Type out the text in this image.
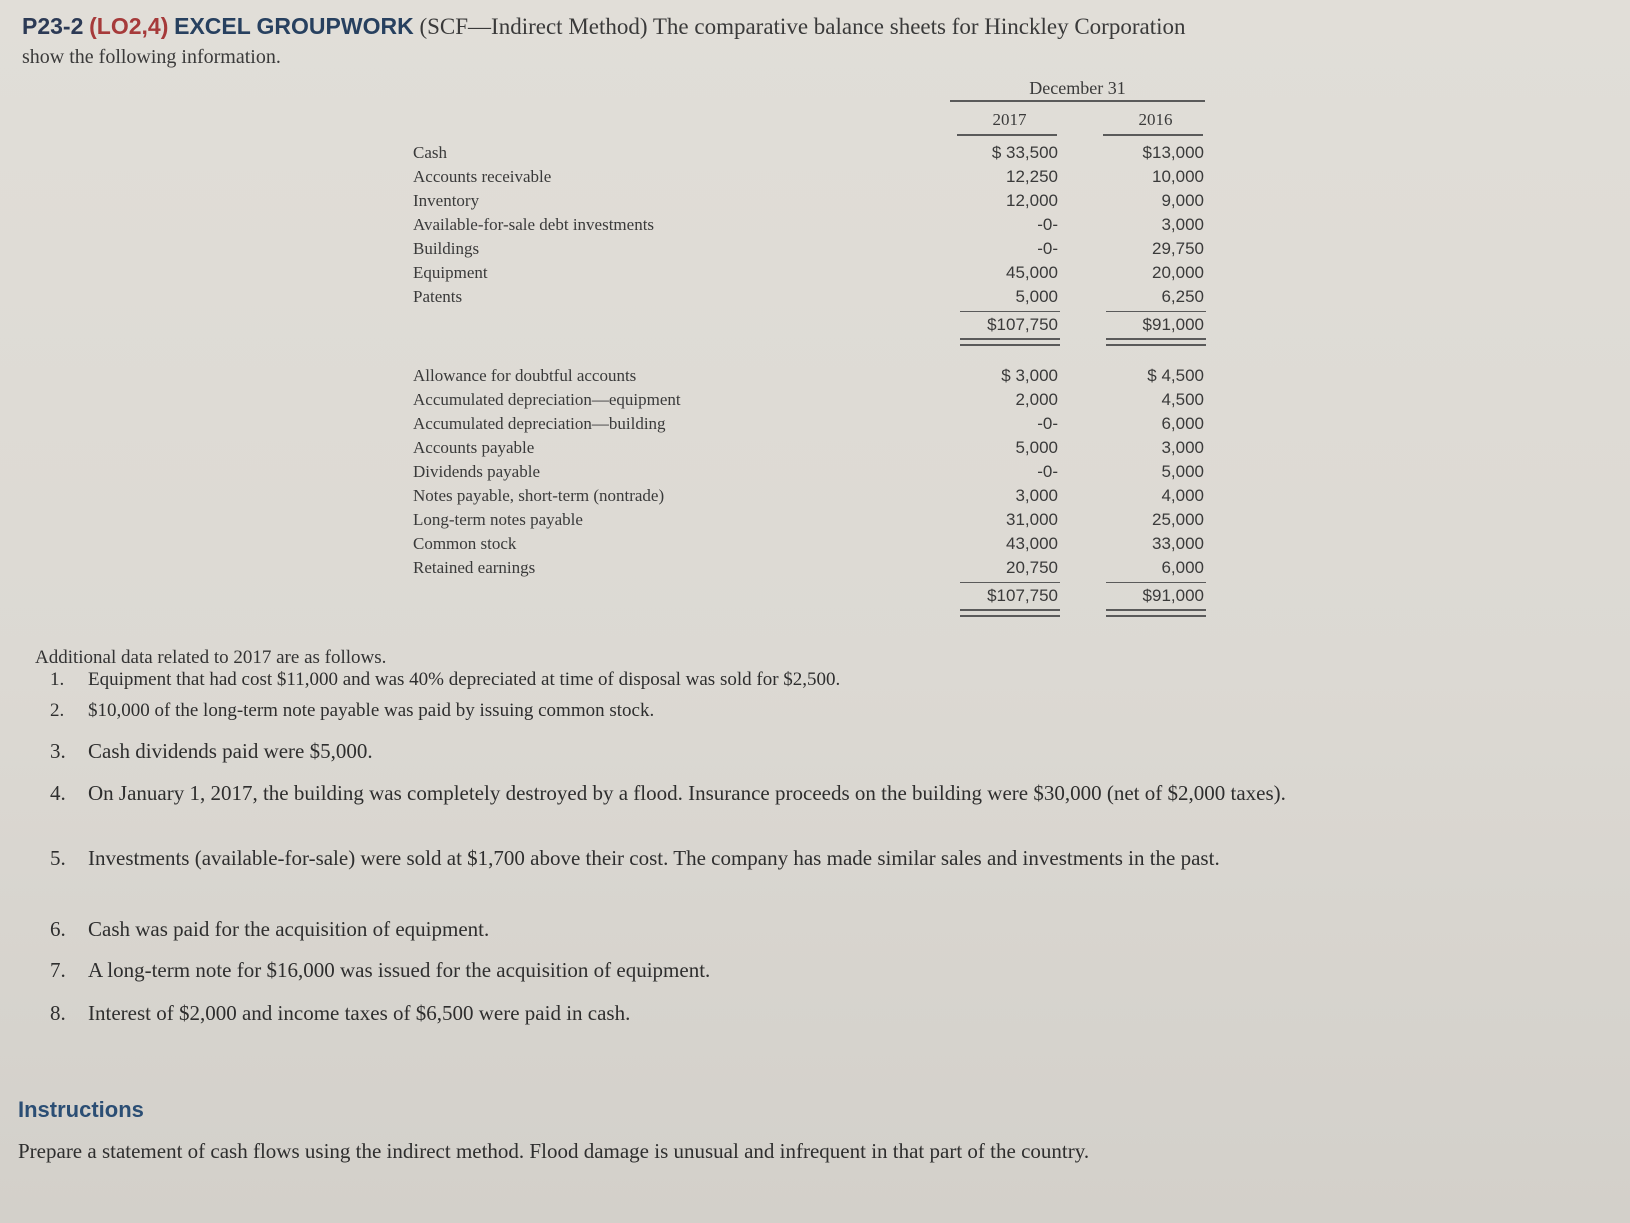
P23-2 (LO2,4) EXCEL GROUPWORK (SCF—Indirect Method) The comparative balance sheets for Hinckley Corporation
show the following information.
December 31
2017	2016
Cash	$ 33,500	$13,000
Accounts receivable	12,250	10,000
Inventory	12,000	9,000
Available-for-sale debt investments	-0-	3,000
Buildings	-0-	29,750
Equipment	45,000	20,000
Patents	5,000	6,250
$107,750	$91,000
Allowance for doubtful accounts	$ 3,000	$ 4,500
Accumulated depreciation—equipment	2,000	4,500
Accumulated depreciation—building	-0-	6,000
Accounts payable	5,000	3,000
Dividends payable	-0-	5,000
Notes payable, short-term (nontrade)	3,000	4,000
Long-term notes payable	31,000	25,000
Common stock	43,000	33,000
Retained earnings	20,750	6,000
$107,750	$91,000
Additional data related to 2017 are as follows.
1. Equipment that had cost $11,000 and was 40% depreciated at time of disposal was sold for $2,500.
2. $10,000 of the long-term note payable was paid by issuing common stock.
3. Cash dividends paid were $5,000.
4. On January 1, 2017, the building was completely destroyed by a flood. Insurance proceeds on the building were $30,000 (net of $2,000 taxes).
5. Investments (available-for-sale) were sold at $1,700 above their cost. The company has made similar sales and investments in the past.
6. Cash was paid for the acquisition of equipment.
7. A long-term note for $16,000 was issued for the acquisition of equipment.
8. Interest of $2,000 and income taxes of $6,500 were paid in cash.
Instructions
Prepare a statement of cash flows using the indirect method. Flood damage is unusual and infrequent in that part of the country.
